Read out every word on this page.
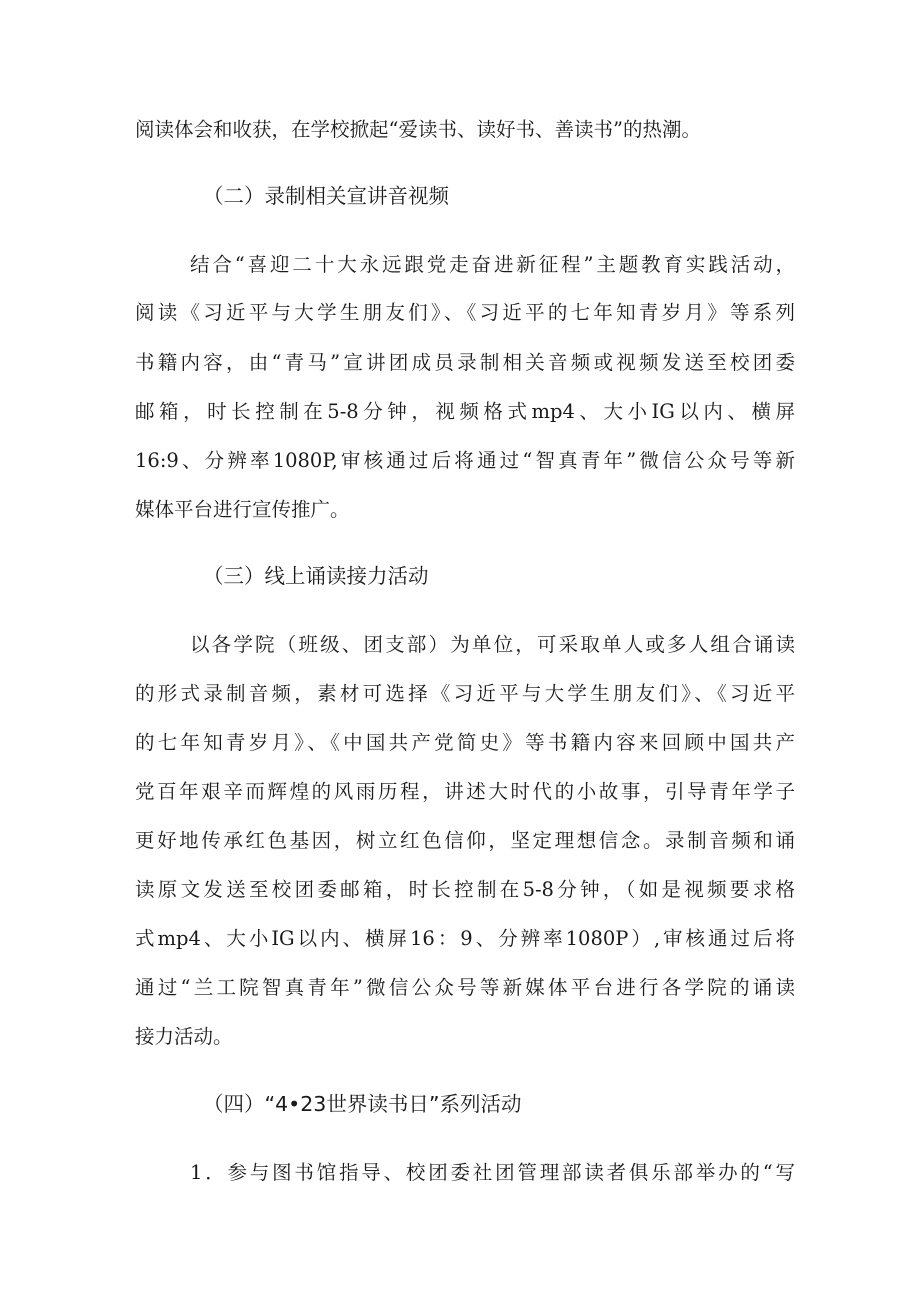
阅读体会和收获，在学校掀起“爱读书、读好书、善读书”的热潮。
（二）录制相关宣讲音视频
结合“喜迎二十大永远跟党走奋进新征程”主题教育实践活动，
阅读《习近平与大学生朋友们》、《习近平的七年知青岁月》等系列
书籍内容，由“青马”宣讲团成员录制相关音频或视频发送至校团委
邮箱，时长控制在5-8分钟，视频格式mp4、大小IG以内、横屏
16:9、分辨率1080P,审核通过后将通过“智真青年”微信公众号等新
媒体平台进行宣传推广。
（三）线上诵读接力活动
以各学院（班级、团支部）为单位，可采取单人或多人组合诵读
的形式录制音频，素材可选择《习近平与大学生朋友们》、《习近平
的七年知青岁月》、《中国共产党简史》等书籍内容来回顾中国共产
党百年艰辛而辉煌的风雨历程，讲述大时代的小故事，引导青年学子
更好地传承红色基因，树立红色信仰，坚定理想信念。录制音频和诵
读原文发送至校团委邮箱，时长控制在5-8分钟，（如是视频要求格
式mp4、大小IG以内、横屏16：9、分辨率1080P）,审核通过后将
通过“兰工院智真青年”微信公众号等新媒体平台进行各学院的诵读
接力活动。
（四）“4•23世界读书日”系列活动
1．参与图书馆指导、校团委社团管理部读者俱乐部举办的“写
